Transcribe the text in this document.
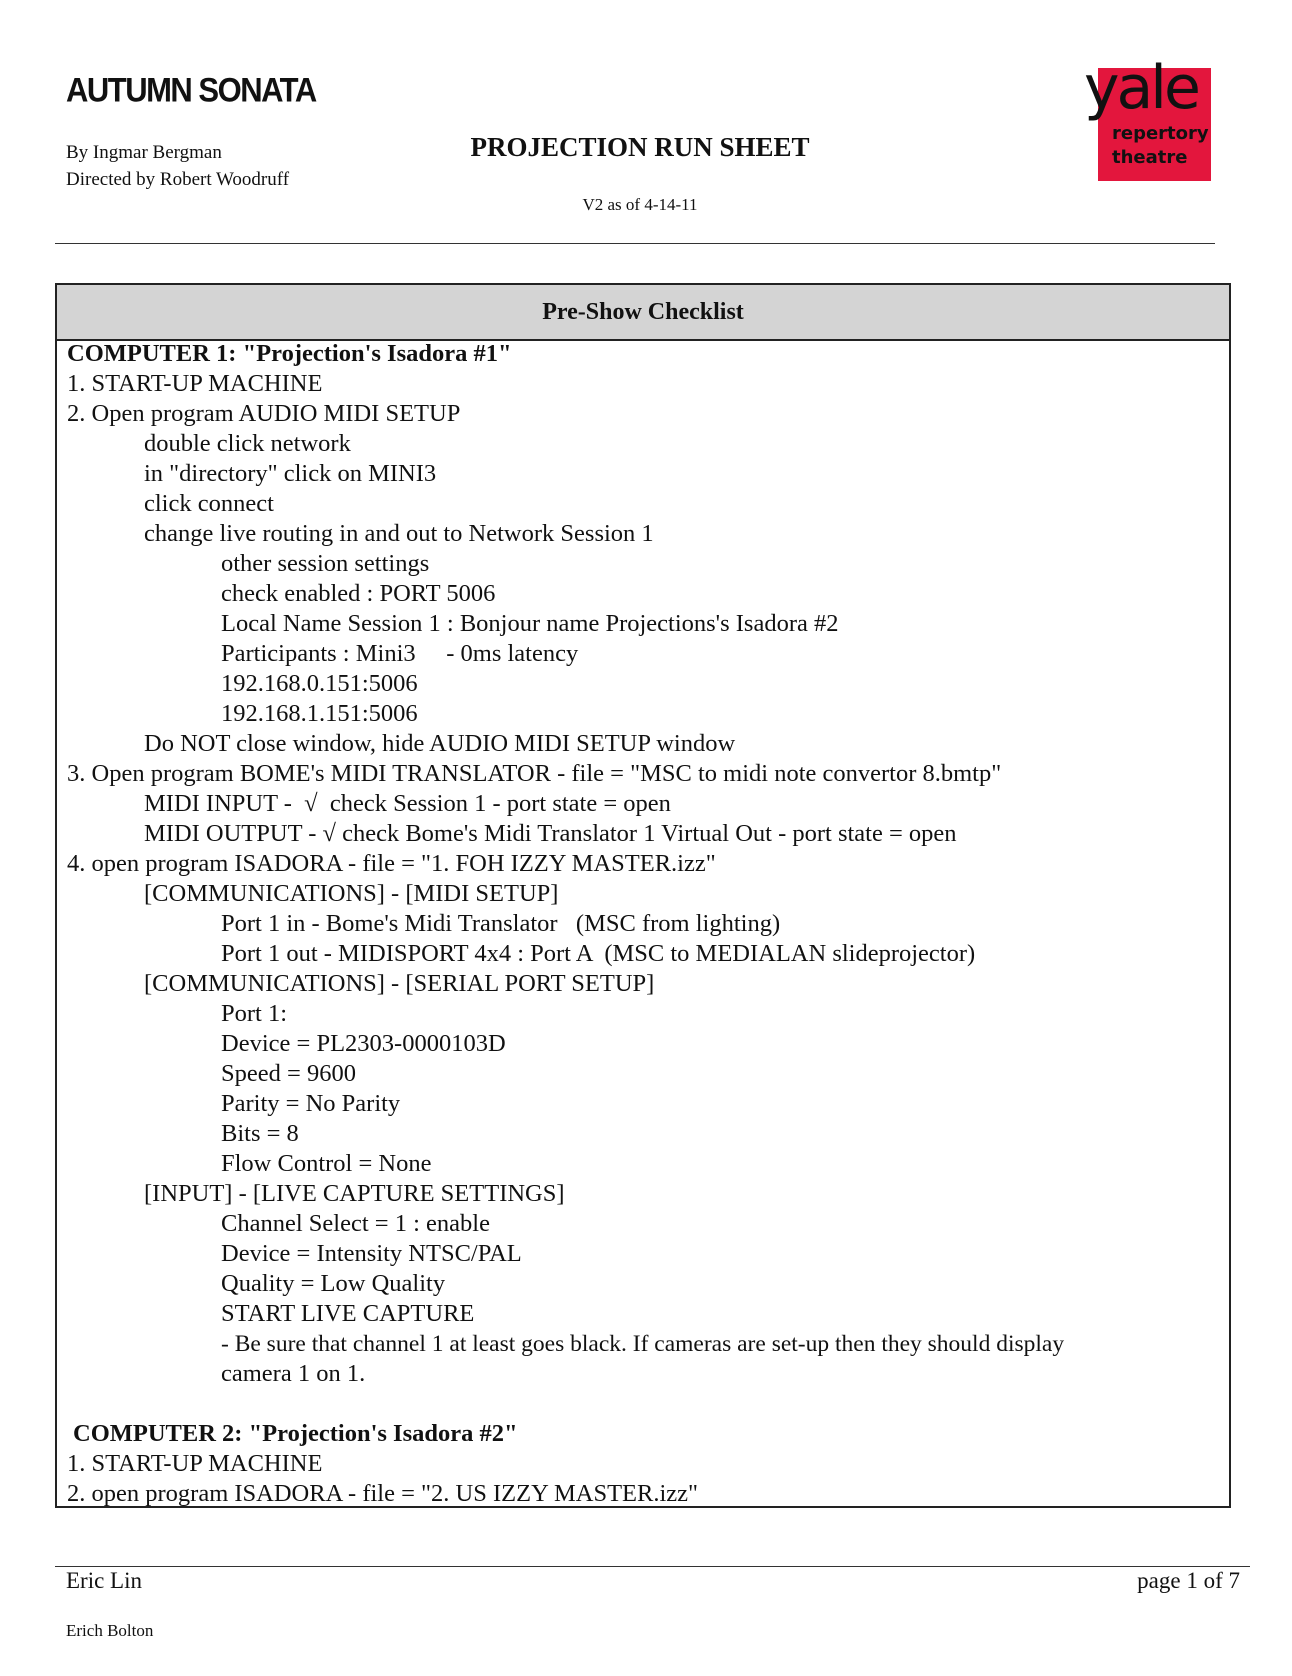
AUTUMN SONATA
By Ingmar Bergman
Directed by Robert Woodruff
PROJECTION RUN SHEET
V2 as of 4-14-11
yale
repertory
theatre
Pre-Show Checklist
COMPUTER 1: "Projection's Isadora #1"
1. START-UP MACHINE
2. Open program AUDIO MIDI SETUP
double click network
in "directory" click on MINI3
click connect
change live routing in and out to Network Session 1
other session settings
check enabled : PORT 5006
Local Name Session 1 : Bonjour name Projections's Isadora #2
Participants : Mini3     - 0ms latency
192.168.0.151:5006
192.168.1.151:5006
Do NOT close window, hide AUDIO MIDI SETUP window
3. Open program BOME's MIDI TRANSLATOR - file = "MSC to midi note convertor 8.bmtp"
MIDI INPUT -  √  check Session 1 - port state = open
MIDI OUTPUT - √ check Bome's Midi Translator 1 Virtual Out - port state = open
4. open program ISADORA - file = "1. FOH IZZY MASTER.izz"
[COMMUNICATIONS] - [MIDI SETUP]
Port 1 in - Bome's Midi Translator   (MSC from lighting)
Port 1 out - MIDISPORT 4x4 : Port A  (MSC to MEDIALAN slideprojector)
[COMMUNICATIONS] - [SERIAL PORT SETUP]
Port 1:
Device = PL2303-0000103D
Speed = 9600
Parity = No Parity
Bits = 8
Flow Control = None
[INPUT] - [LIVE CAPTURE SETTINGS]
Channel Select = 1 : enable
Device = Intensity NTSC/PAL
Quality = Low Quality
START LIVE CAPTURE
- Be sure that channel 1 at least goes black. If cameras are set-up then they should display
camera 1 on 1.
COMPUTER 2: "Projection's Isadora #2"
1. START-UP MACHINE
2. open program ISADORA - file = "2. US IZZY MASTER.izz"
Eric Lin	page 1 of 7
Erich Bolton
